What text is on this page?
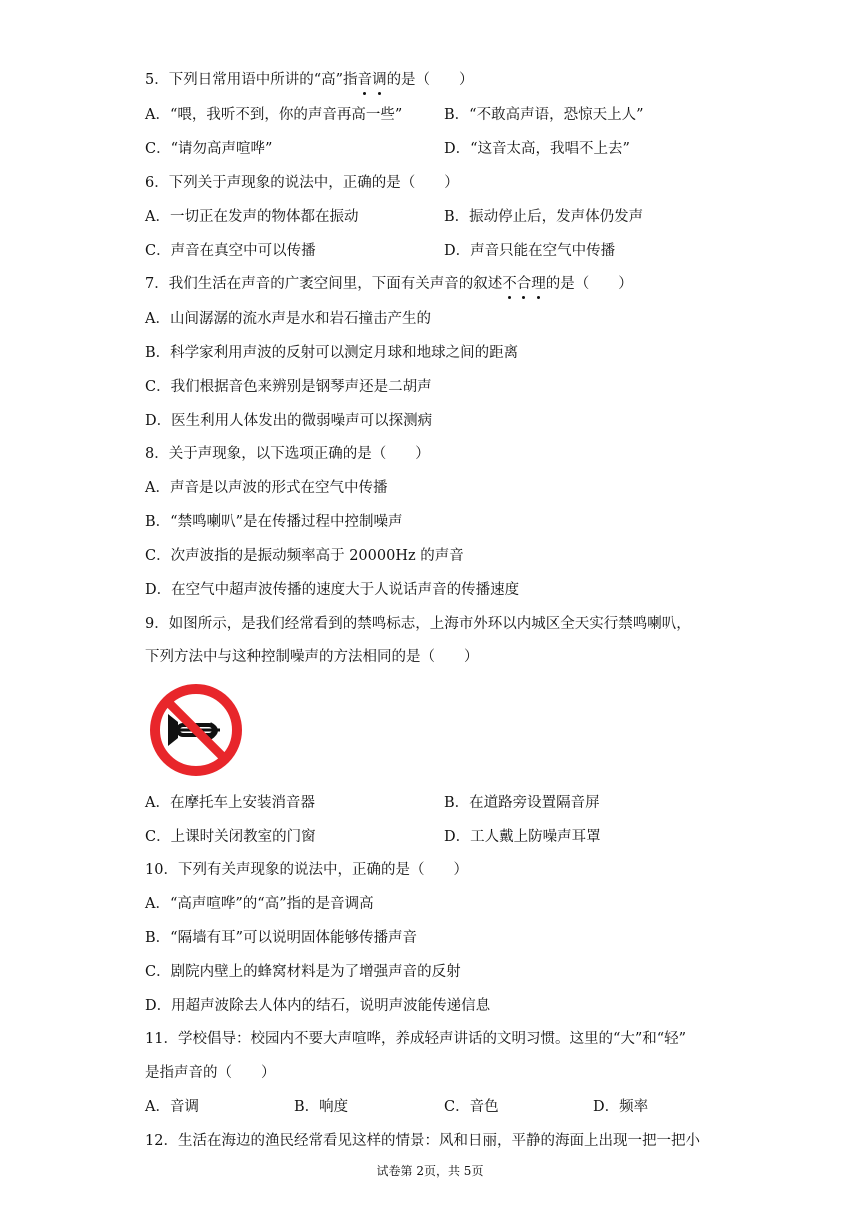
5．下列日常用语中所讲的“高”指音调的是（　　）
A．“喂，我听不到，你的声音再高一些”	B．“不敢高声语，恐惊天上人”
C．“请勿高声喧哗”	D．“这音太高，我唱不上去”
6．下列关于声现象的说法中，正确的是（　　）
A．一切正在发声的物体都在振动	B．振动停止后，发声体仍发声
C．声音在真空中可以传播	D．声音只能在空气中传播
7．我们生活在声音的广袤空间里，下面有关声音的叙述不合理的是（　　）
A．山间潺潺的流水声是水和岩石撞击产生的
B．科学家利用声波的反射可以测定月球和地球之间的距离
C．我们根据音色来辨别是钢琴声还是二胡声
D．医生利用人体发出的微弱噪声可以探测病
8．关于声现象，以下选项正确的是（　　）
A．声音是以声波的形式在空气中传播
B．“禁鸣喇叭”是在传播过程中控制噪声
C．次声波指的是振动频率高于 20000Hz 的声音
D．在空气中超声波传播的速度大于人说话声音的传播速度
9．如图所示，是我们经常看到的禁鸣标志，上海市外环以内城区全天实行禁鸣喇叭，
下列方法中与这种控制噪声的方法相同的是（　　）
A．在摩托车上安装消音器	B．在道路旁设置隔音屏
C．上课时关闭教室的门窗	D．工人戴上防噪声耳罩
10．下列有关声现象的说法中，正确的是（　　）
A．“高声喧哗”的“高”指的是音调高
B．“隔墙有耳”可以说明固体能够传播声音
C．剧院内壁上的蜂窝材料是为了增强声音的反射
D．用超声波除去人体内的结石，说明声波能传递信息
11．学校倡导：校园内不要大声喧哗，养成轻声讲话的文明习惯。这里的“大”和“轻”
是指声音的（　　）
A．音调	B．响度	C．音色	D．频率
12．生活在海边的渔民经常看见这样的情景：风和日丽，平静的海面上出现一把一把小
试卷第 2页，共 5页
